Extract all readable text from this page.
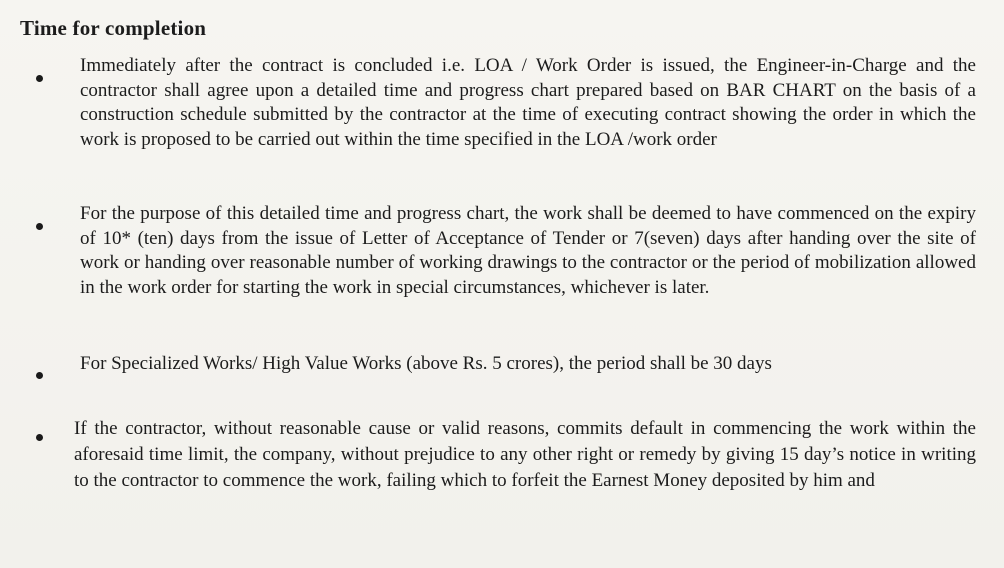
Time for completion

Immediately after the contract is concluded i.e. LOA / Work Order is issued, the Engineer-in-Charge and the contractor shall agree upon a detailed time and progress chart prepared based on BAR CHART on the basis of a construction schedule submitted by the contractor at the time of executing contract showing the order in which the work is proposed to be carried out within the time specified in the LOA /work order

For the purpose of this detailed time and progress chart, the work shall be deemed to have commenced on the expiry of 10* (ten) days from the issue of Letter of Acceptance of Tender or 7(seven) days after handing over the site of work or handing over reasonable number of working drawings to the contractor or the period of mobilization allowed in the work order for starting the work in special circumstances, whichever is later.

For Specialized Works/ High Value Works (above Rs. 5 crores), the period shall be 30 days

If the contractor, without reasonable cause or valid reasons, commits default in commencing the work within the aforesaid time limit, the company, without prejudice to any other right or remedy by giving 15 day’s notice in writing to the contractor to commence the work, failing which to forfeit the Earnest Money deposited by him and
